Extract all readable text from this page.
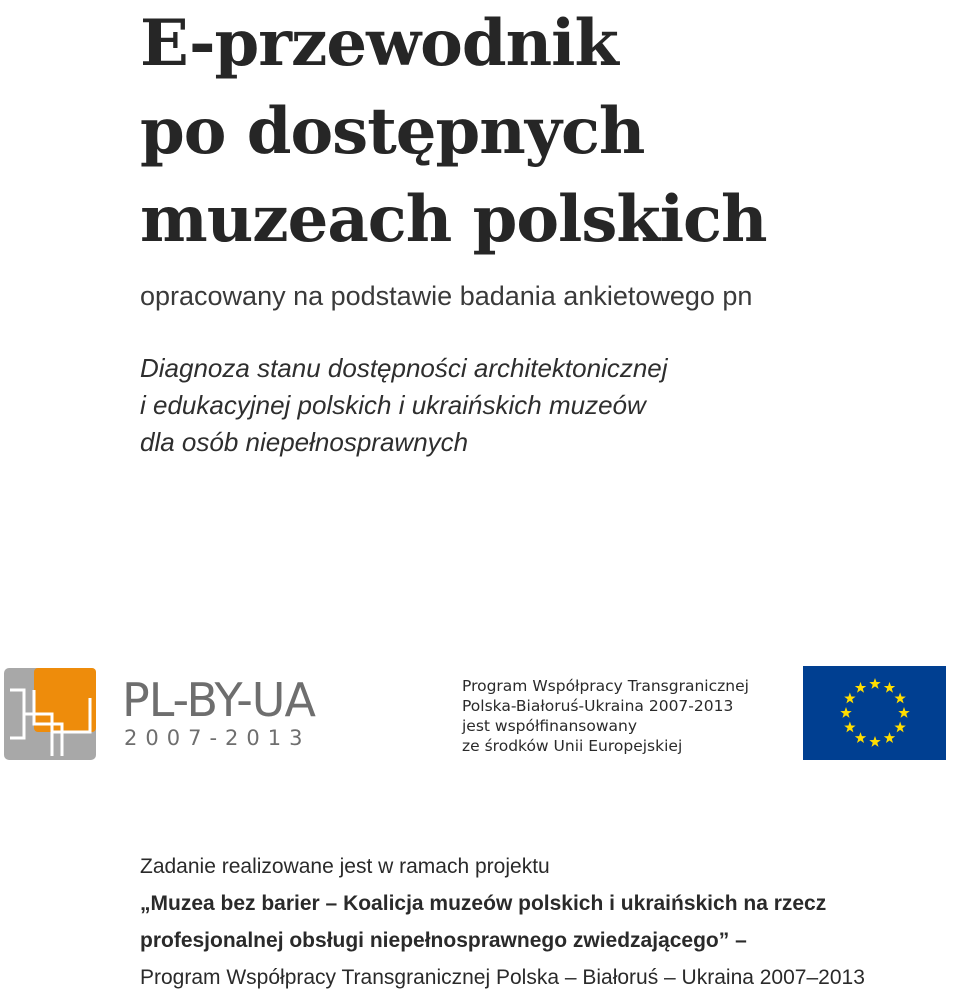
E-przewodnik
po dostępnych
muzeach polskich
opracowany na podstawie badania ankietowego pn
Diagnoza stanu dostępności architektonicznej
i edukacyjnej polskich i ukraińskich muzeów
dla osób niepełnosprawnych
PL-BY-UA
2007-2013
Program Współpracy Transgranicznej
Polska-Białoruś-Ukraina 2007-2013
jest współfinansowany
ze środków Unii Europejskiej
Zadanie realizowane jest w ramach projektu
„Muzea bez barier – Koalicja muzeów polskich i ukraińskich na rzecz
profesjonalnej obsługi niepełnosprawnego zwiedzającego” –
Program Współpracy Transgranicznej Polska – Białoruś – Ukraina 2007–2013
